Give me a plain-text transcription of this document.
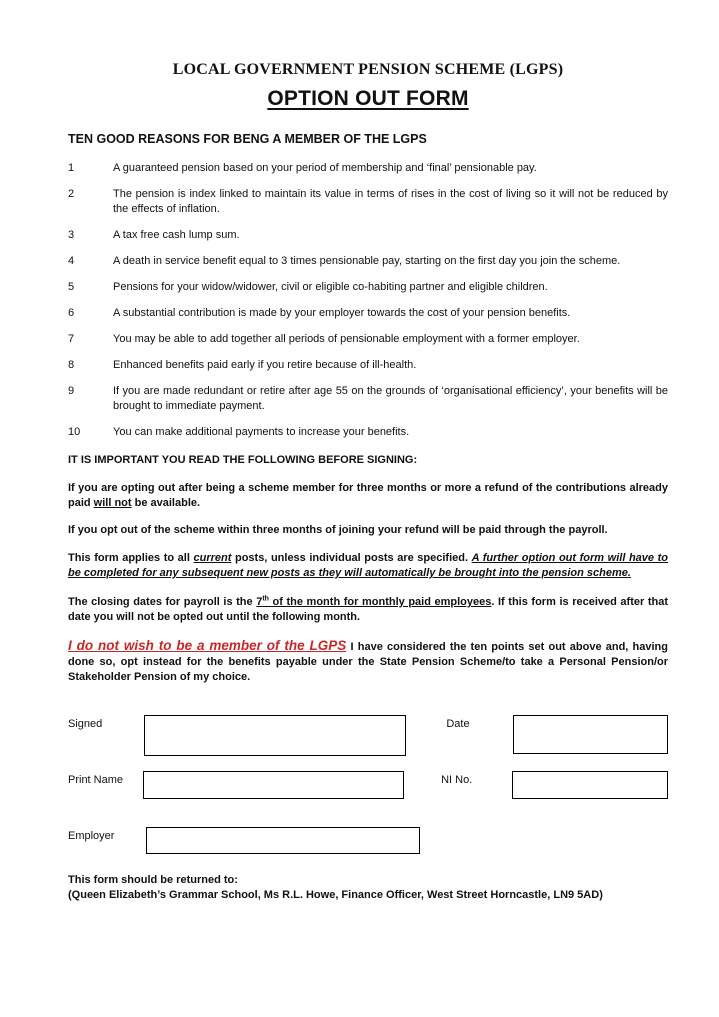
LOCAL GOVERNMENT PENSION SCHEME (LGPS)
OPTION OUT FORM
TEN GOOD REASONS FOR BENG A MEMBER OF THE LGPS
1	A guaranteed pension based on your period of membership and ‘final’ pensionable pay.
2	The pension is index linked to maintain its value in terms of rises in the cost of living so it will not be reduced by the effects of inflation.
3	A tax free cash lump sum.
4	A death in service benefit equal to 3 times pensionable pay, starting on the first day you join the scheme.
5	Pensions for your widow/widower, civil or eligible co-habiting partner and eligible children.
6	A substantial contribution is made by your employer towards the cost of your pension benefits.
7	You may be able to add together all periods of pensionable employment with a former employer.
8	Enhanced benefits paid early if you retire because of ill-health.
9	If you are made redundant or retire after age 55 on the grounds of ‘organisational efficiency’, your benefits will be brought to immediate payment.
10	You can make additional payments to increase your benefits.

IT IS IMPORTANT YOU READ THE FOLLOWING BEFORE SIGNING:

If you are opting out after being a scheme member for three months or more a refund of the contributions already paid will not be available.

If you opt out of the scheme within three months of joining your refund will be paid through the payroll.

This form applies to all current posts, unless individual posts are specified. A further option out form will have to be completed for any subsequent new posts as they will automatically be brought into the pension scheme.

The closing dates for payroll is the 7th of the month for monthly paid employees. If this form is received after that date you will not be opted out until the following month.

I do not wish to be a member of the LGPS I have considered the ten points set out above and, having done so, opt instead for the benefits payable under the State Pension Scheme/to take a Personal Pension/or Stakeholder Pension of my choice.

Signed	Date
Print Name	NI No.
Employer
This form should be returned to:
(Queen Elizabeth’s Grammar School, Ms R.L. Howe, Finance Officer, West Street Horncastle, LN9 5AD)
